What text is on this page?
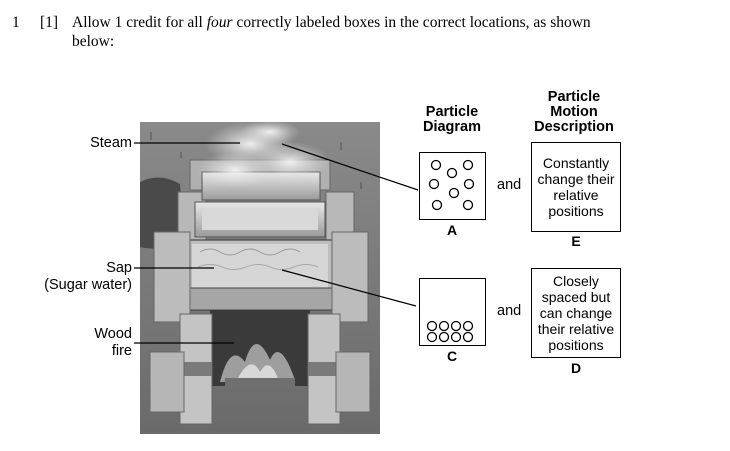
1 [1] Allow 1 credit for all four correctly labeled boxes in the correct locations, as shown
below:
Steam
Sap
(Sugar water)
Wood
fire
Particle
Diagram
Particle
Motion
Description
A
and
Constantly
change their
relative
positions
E
C
and
Closely
spaced but
can change
their relative
positions
D
